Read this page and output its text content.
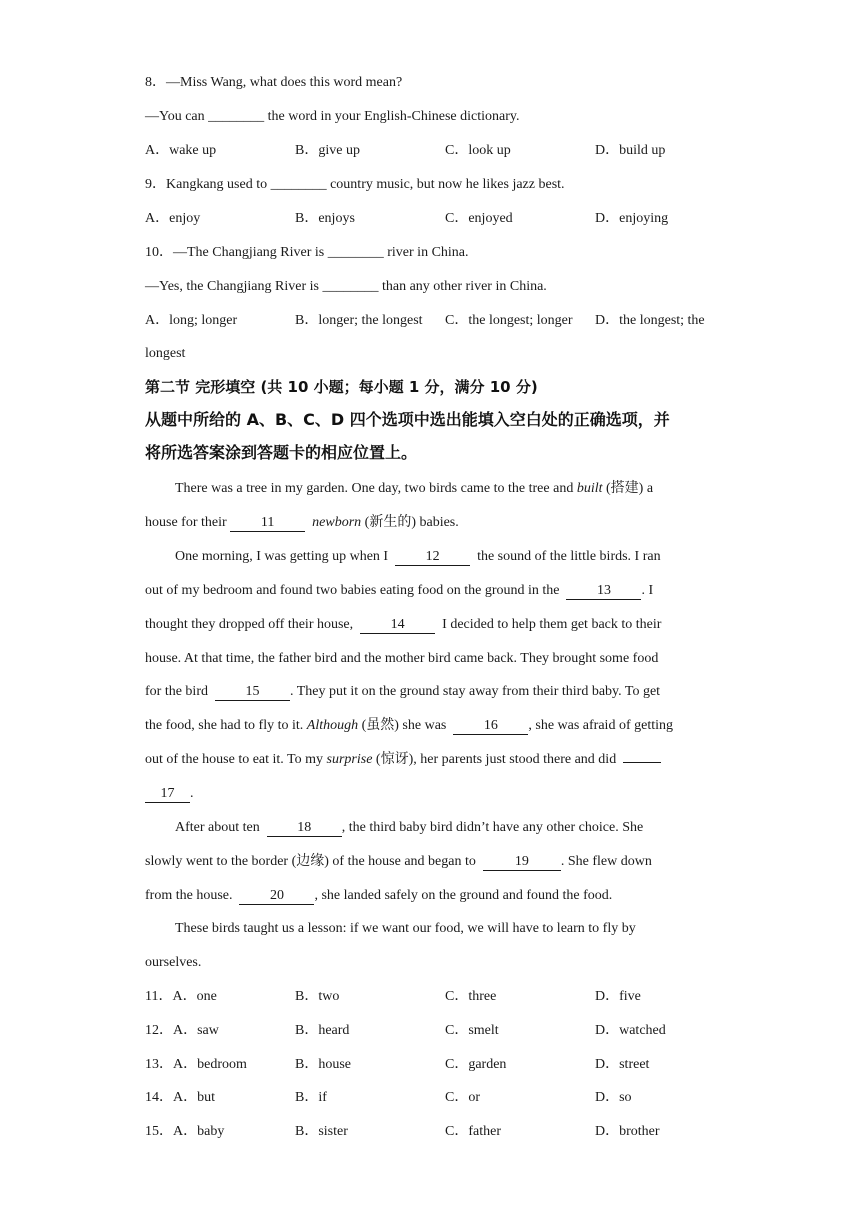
8．—Miss Wang, what does this word mean?
—You can ________ the word in your English-Chinese dictionary.
A．wake up	B．give up	C．look up	D．build up
9．Kangkang used to ________ country music, but now he likes jazz best.
A．enjoy	B．enjoys	C．enjoyed	D．enjoying
10．—The Changjiang River is ________ river in China.
—Yes, the Changjiang River is ________ than any other river in China.
A．long; longer	B．longer; the longest C．the longest; longer D．the longest; the
longest
第二节 完形填空 (共 10 小题；每小题 1 分，满分 10 分)
从题中所给的 A、B、C、D 四个选项中选出能填入空白处的正确选项，并
将所选答案涂到答题卡的相应位置上。
There was a tree in my garden. One day, two birds came to the tree and built (搭建) a
house for their 11	newborn (新生的) babies.
One morning, I was getting up when I  12  the sound of the little birds. I ran
out of my bedroom and found two babies eating food on the ground in the  13 . I
thought they dropped off their house,  14  I decided to help them get back to their
house. At that time, the father bird and the mother bird came back. They brought some food
for the bird  15 . They put it on the ground stay away from their third baby. To get
the food, she had to fly to it. Although (虽然) she was  16 , she was afraid of getting
out of the house to eat it. To my surprise (惊讶), her parents just stood there and did
17 .
After about ten  18 , the third baby bird didn’t have any other choice. She
slowly went to the border (边缘) of the house and began to	19 . She flew down
from the house.  20 , she landed safely on the ground and found the food.
These birds taught us a lesson: if we want our food, we will have to learn to fly by
ourselves.
11．A．one	B．two	C．three	D．five
12．A．saw	B．heard	C．smelt	D．watched
13．A．bedroom	B．house	C．garden	D．street
14．A．but	B．if	C．or	D．so
15．A．baby	B．sister	C．father	D．brother
